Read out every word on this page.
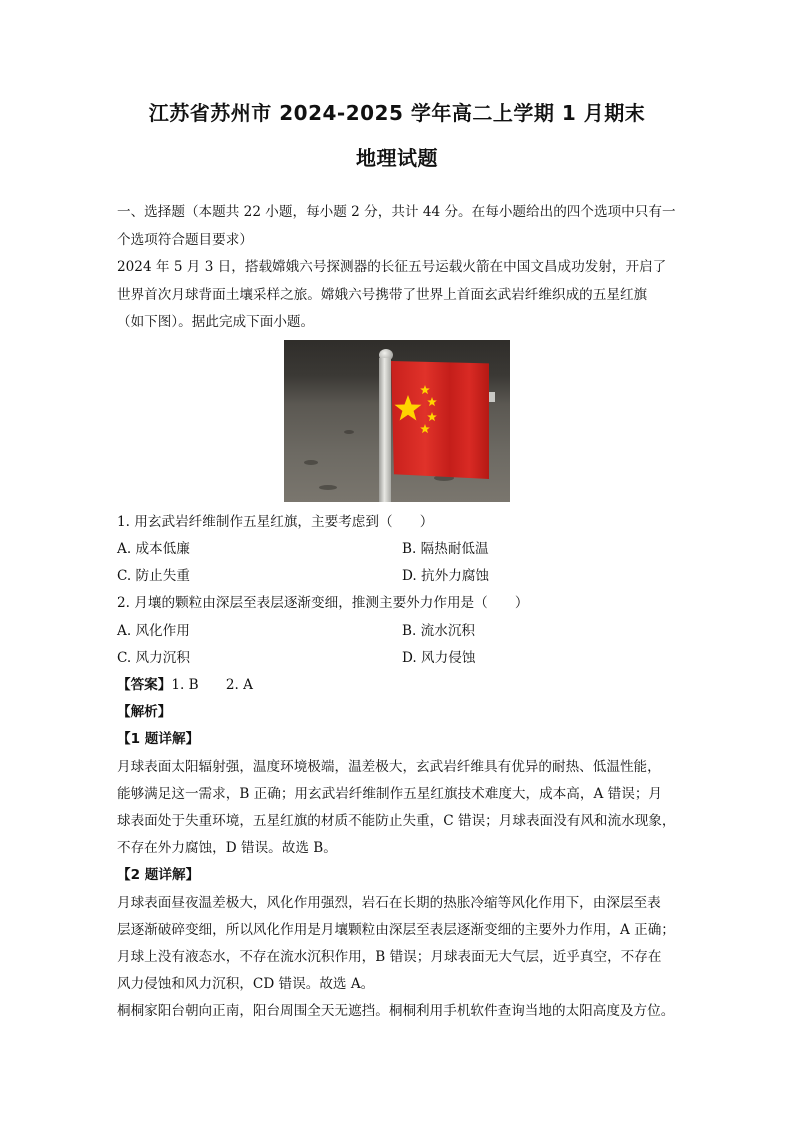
江苏省苏州市 2024-2025 学年高二上学期 1 月期末
地理试题
一、选择题（本题共 22 小题，每小题 2 分，共计 44 分。在每小题给出的四个选项中只有一
个选项符合题目要求）
2024 年 5 月 3 日，搭载嫦娥六号探测器的长征五号运载火箭在中国文昌成功发射，开启了
世界首次月球背面土壤采样之旅。嫦娥六号携带了世界上首面玄武岩纤维织成的五星红旗
（如下图）。据此完成下面小题。
1. 用玄武岩纤维制作五星红旗，主要考虑到（　　）
A. 成本低廉	B. 隔热耐低温
C. 防止失重	D. 抗外力腐蚀
2. 月壤的颗粒由深层至表层逐渐变细，推测主要外力作用是（　　）
A. 风化作用	B. 流水沉积
C. 风力沉积	D. 风力侵蚀
【答案】1. B　　2. A
【解析】
【1 题详解】
月球表面太阳辐射强，温度环境极端，温差极大，玄武岩纤维具有优异的耐热、低温性能，
能够满足这一需求，B 正确；用玄武岩纤维制作五星红旗技术难度大，成本高，A 错误；月
球表面处于失重环境，五星红旗的材质不能防止失重，C 错误；月球表面没有风和流水现象，
不存在外力腐蚀，D 错误。故选 B。
【2 题详解】
月球表面昼夜温差极大，风化作用强烈，岩石在长期的热胀冷缩等风化作用下，由深层至表
层逐渐破碎变细，所以风化作用是月壤颗粒由深层至表层逐渐变细的主要外力作用，A 正确；
月球上没有液态水，不存在流水沉积作用，B 错误；月球表面无大气层，近乎真空，不存在
风力侵蚀和风力沉积，CD 错误。故选 A。
桐桐家阳台朝向正南，阳台周围全天无遮挡。桐桐利用手机软件查询当地的太阳高度及方位。
